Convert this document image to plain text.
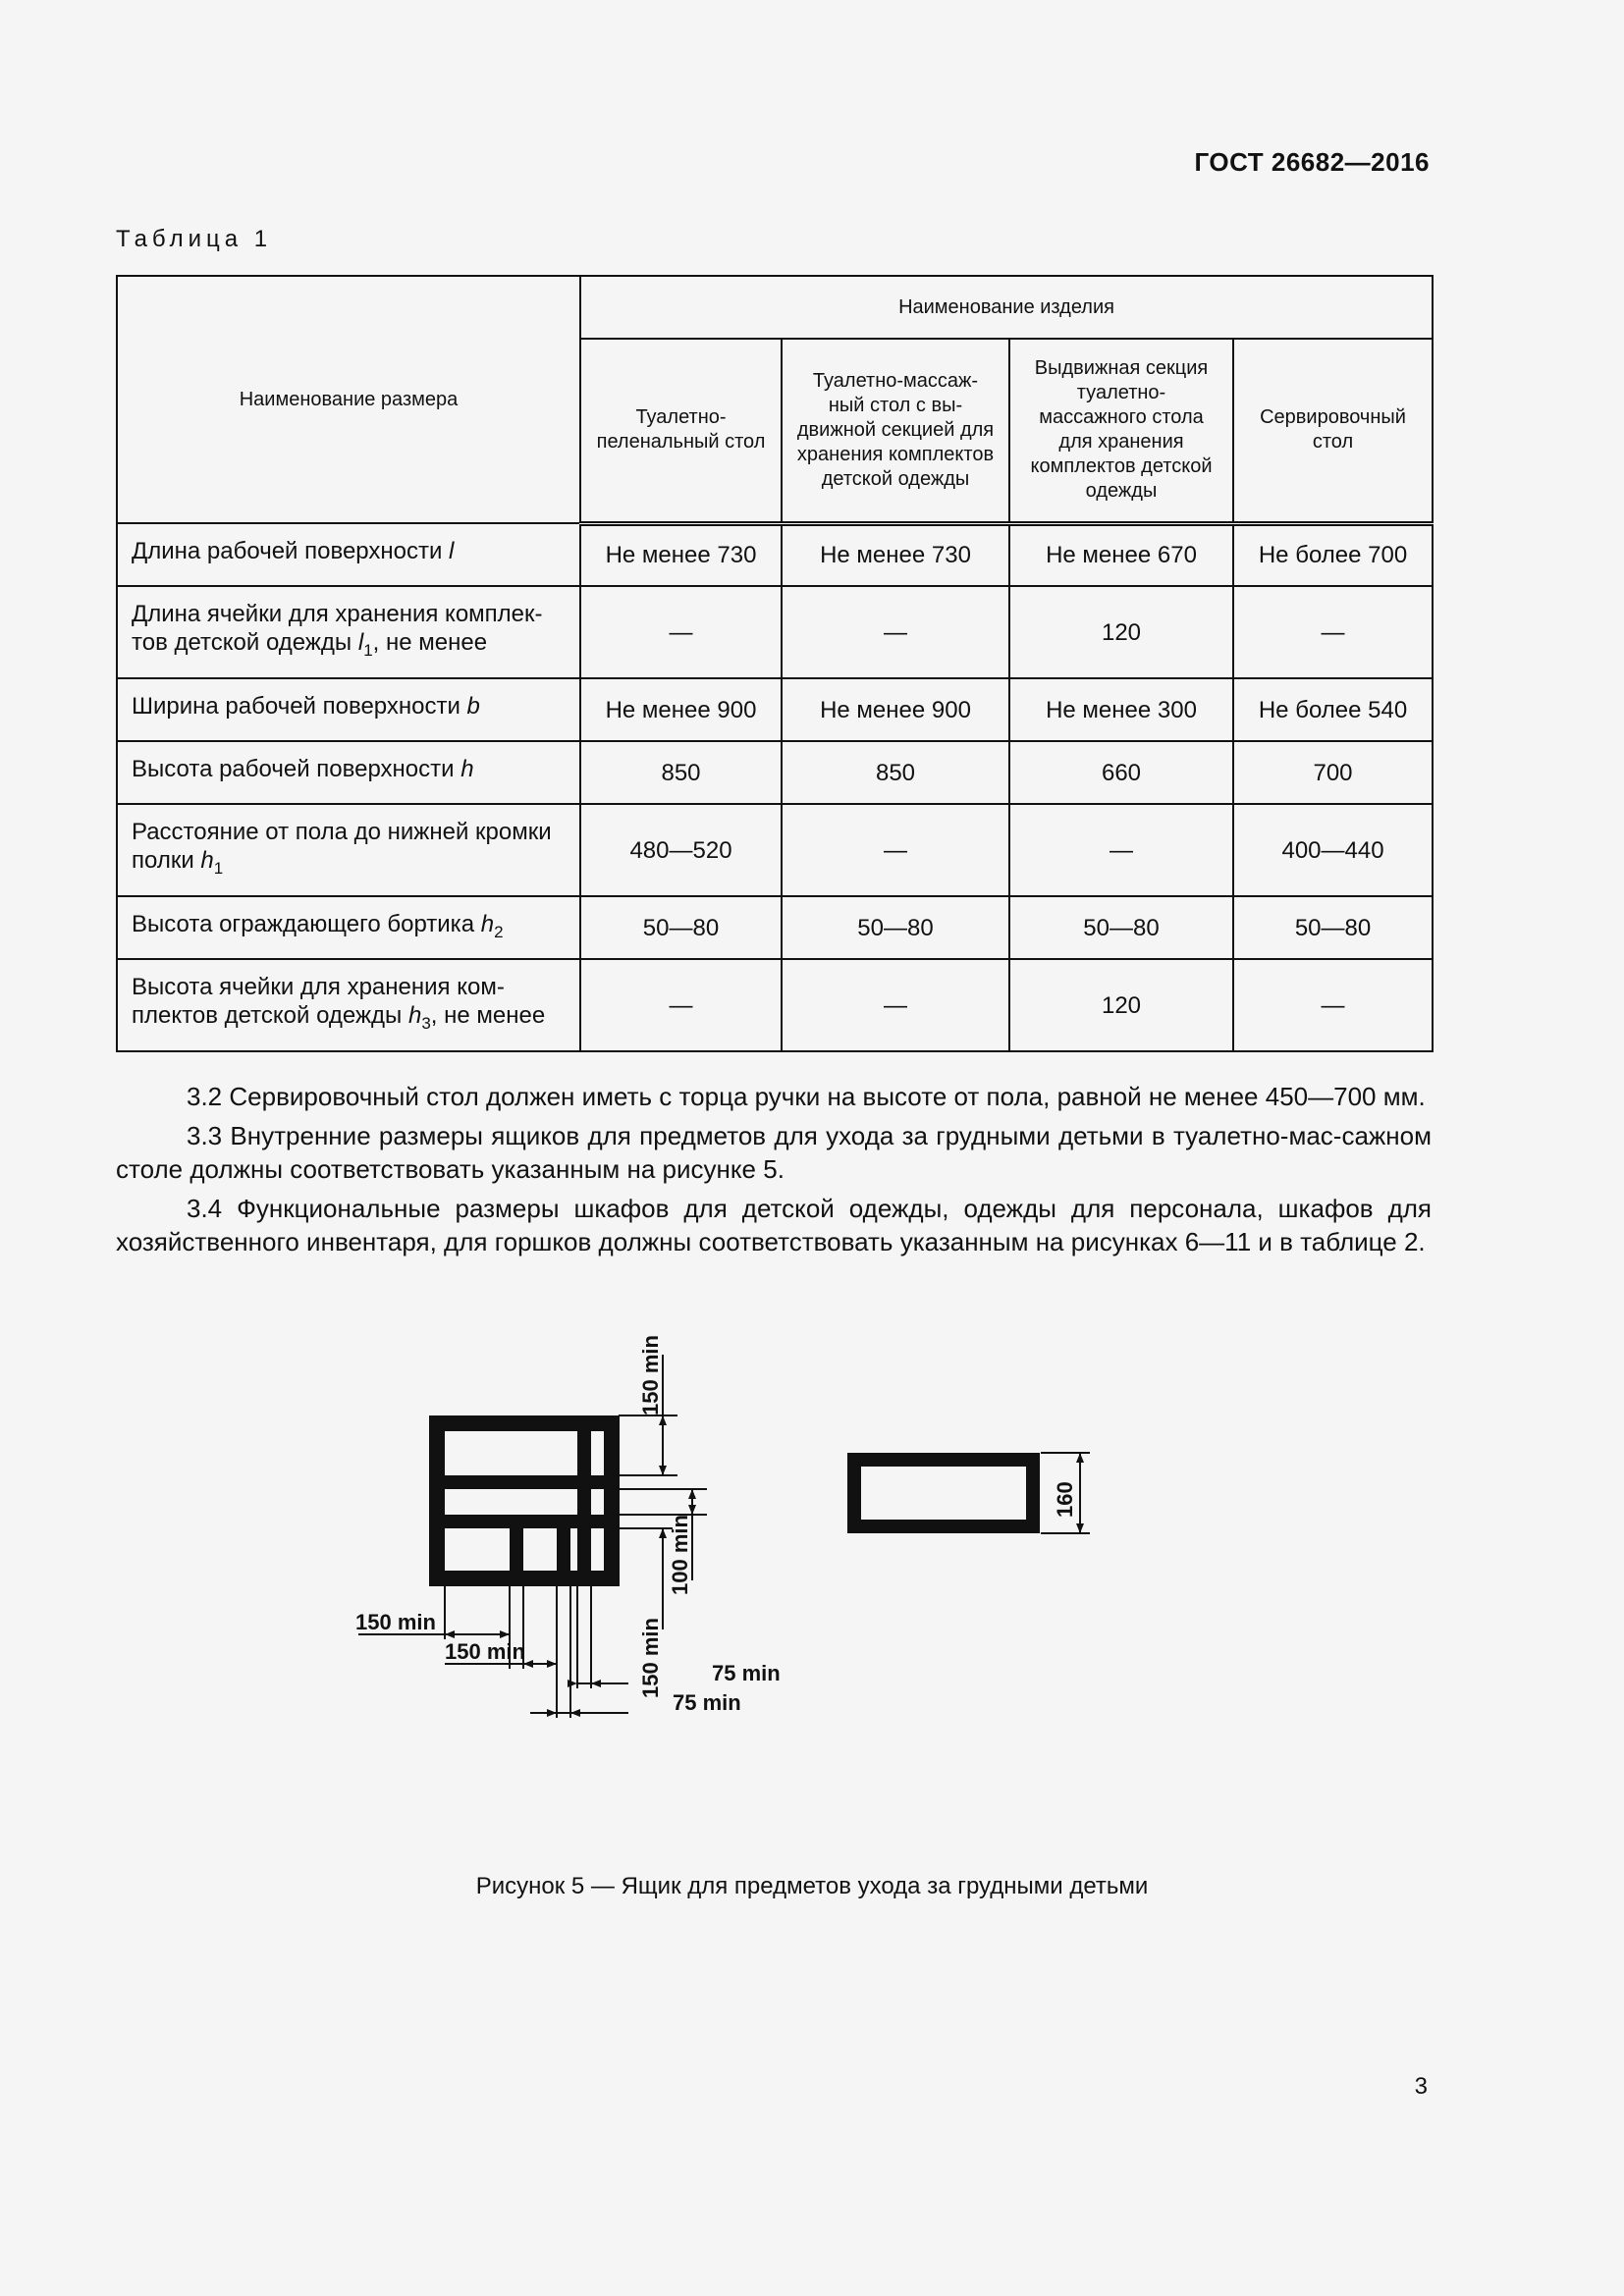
ГОСТ 26682—2016
Таблица 1
Наименование размера	Наименование изделия			
	Туалетно-пеленальный стол	Туалетно-массаж-ный стол с вы-движной секцией для хранения комплектов детской одежды	Выдвижная секция туалетно-массажного стола для хранения комплектов детской одежды	Сервировочный стол
Длина рабочей поверхности l	Не менее 730	Не менее 730	Не менее 670	Не более 700
Длина ячейки для хранения комплек-тов детской одежды $l_1$, не менее	—	—	120	—
Ширина рабочей поверхности b	Не менее 900	Не менее 900	Не менее 300	Не более 540
Высота рабочей поверхности h	850	850	660	700
Расстояние от пола до нижней кромки полки $h_1$	480—520	—	—	400—440
Высота ограждающего бортика $h_2$	50—80	50—80	50—80	50—80
Высота ячейки для хранения ком-плектов детской одежды $h_3$, не менее	—	—	120	—

3.2 Сервировочный стол должен иметь с торца ручки на высоте от пола, равной не менее 450—700 мм.

3.3 Внутренние размеры ящиков для предметов для ухода за грудными детьми в туалетно-мас-сажном столе должны соответствовать указанным на рисунке 5.

3.4 Функциональные размеры шкафов для детской одежды, одежды для персонала, шкафов для хозяйственного инвентаря, для горшков должны соответствовать указанным на рисунках 6—11 и в таблице 2.

150 min
100 min
150 min
160
150 min
150 min
75 min
75 min
Рисунок 5 — Ящик для предметов ухода за грудными детьми
3
